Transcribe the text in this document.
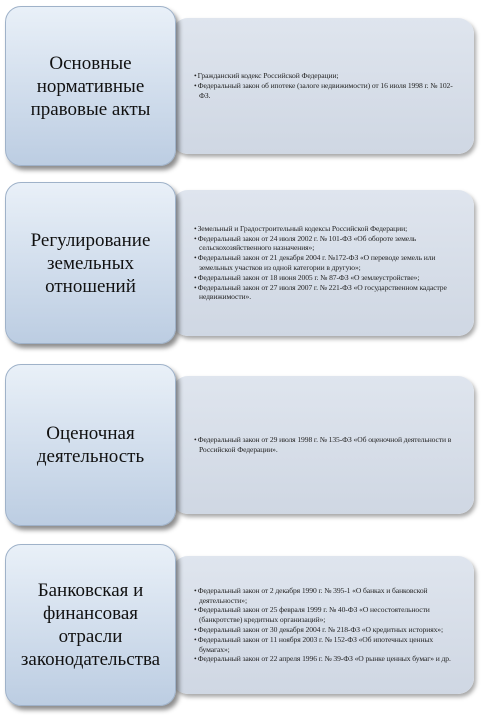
• Гражданский кодекс Российской Федерации;
• Федеральный закон об ипотеке (залоге недвижимости) от 16 июля 1998 г. № 102-ФЗ.
Основные нормативные правовые акты
• Земельный и Градостроительный кодексы Российской Федерации;
• Федеральный закон от 24 июля 2002 г. № 101-ФЗ «Об обороте земель сельскохозяйственного назначения»;
• Федеральный закон от 21 декабря 2004 г. №172-ФЗ «О переводе земель или земельных участков из одной категории в другую»;
• Федеральный закон от 18 июня 2005 г. № 87-ФЗ «О землеустройстве»;
• Федеральный закон от 27 июля 2007 г. № 221-ФЗ «О государственном кадастре недвижимости».
Регулирование земельных отношений
• Федеральный закон от 29 июля 1998 г. № 135-ФЗ «Об оценочной деятельности в Российской Федерации».
Оценочная деятельность
• Федеральный закон от 2 декабря 1990 г. № 395-1 «О банках и банковской деятельности»;
• Федеральный закон от 25 февраля 1999 г. № 40-ФЗ «О несостоятельности (банкротстве) кредитных организаций»;
• Федеральный закон от 30 декабря 2004 г. № 218-ФЗ «О кредитных историях»;
• Федеральный закон от 11 ноября 2003 г. № 152-ФЗ «Об ипотечных ценных бумагах»;
• Федеральный закон от 22 апреля 1996 г. № 39-ФЗ «О рынке ценных бумаг» и др.
Банковская и финансовая отрасли законодательства
